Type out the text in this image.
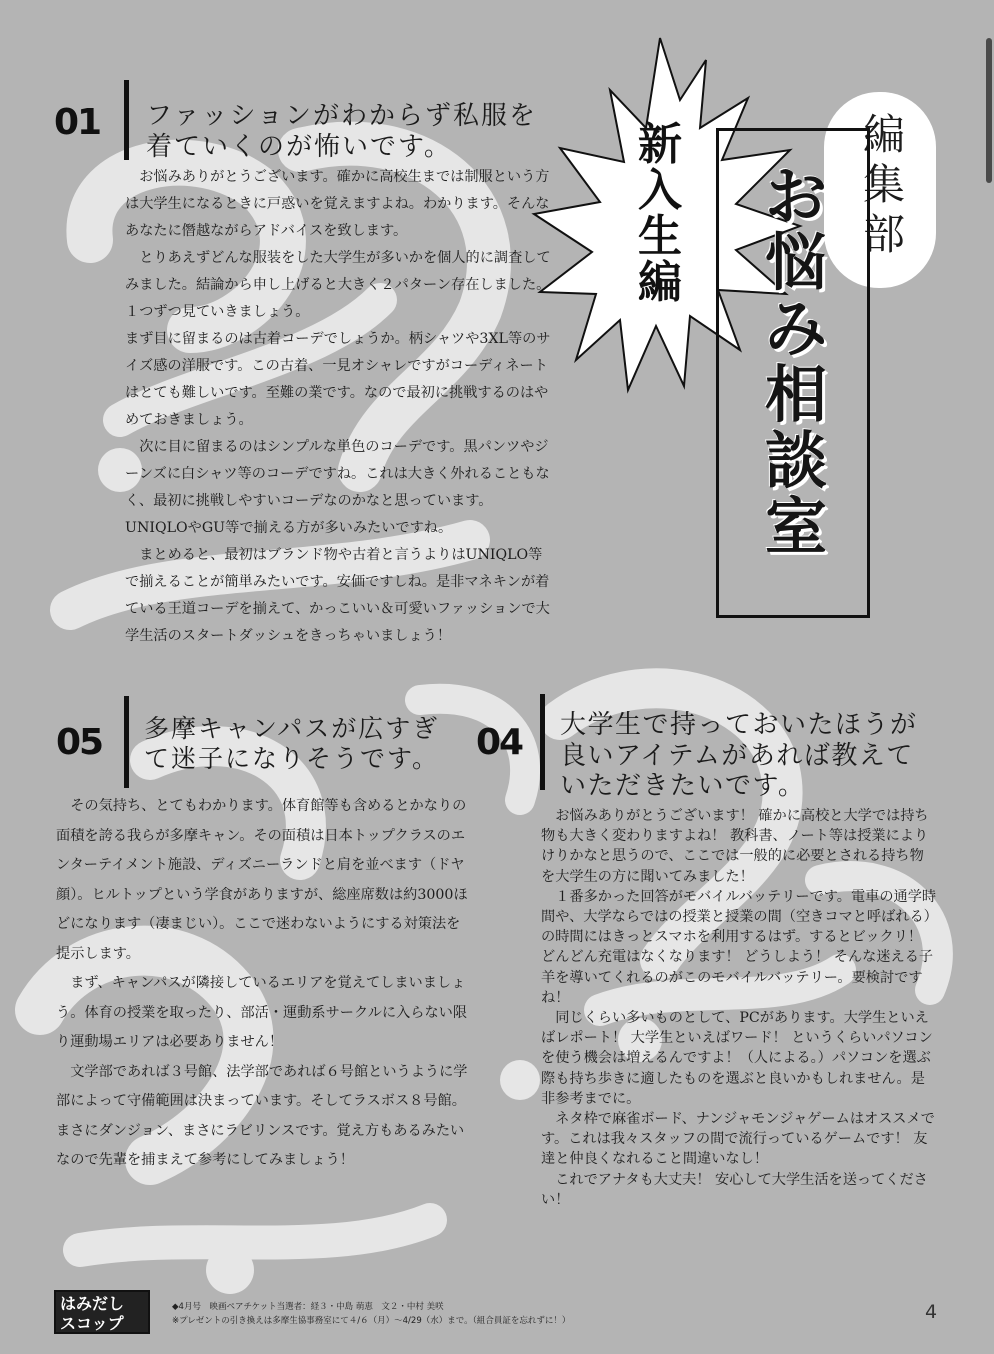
編
集
部
新
入
生
編
お
悩
み
相
談
室
01 ファッションがわからず私服を
着ていくのが怖いです。

お悩みありがとうございます。確かに高校生までは制服という方は大学生になるときに戸惑いを覚えますよね。わかります。そんなあなたに僭越ながらアドバイスを致します。

とりあえずどんな服装をした大学生が多いかを個人的に調査してみました。結論から申し上げると大きく２パターン存在しました。１つずつ見ていきましょう。

まず目に留まるのは古着コーデでしょうか。柄シャツや3XL等のサイズ感の洋服です。この古着、一見オシャレですがコーディネートはとても難しいです。至難の業です。なので最初に挑戦するのはやめておきましょう。

次に目に留まるのはシンプルな単色のコーデです。黒パンツやジーンズに白シャツ等のコーデですね。これは大きく外れることもなく、最初に挑戦しやすいコーデなのかなと思っています。UNIQLOやGU等で揃える方が多いみたいですね。

まとめると、最初はブランド物や古着と言うよりはUNIQLO等で揃えることが簡単みたいです。安価ですしね。是非マネキンが着ている王道コーデを揃えて、かっこいい＆可愛いファッションで大学生活のスタートダッシュをきっちゃいましょう！

05 多摩キャンパスが広すぎ
て迷子になりそうです。

その気持ち、とてもわかります。体育館等も含めるとかなりの面積を誇る我らが多摩キャン。その面積は日本トップクラスのエンターテイメント施設、ディズニーランドと肩を並べます（ドヤ顔）。ヒルトップという学食がありますが、総座席数は約3000ほどになります（凄まじい）。ここで迷わないようにする対策法を提示します。

まず、キャンパスが隣接しているエリアを覚えてしまいましょう。体育の授業を取ったり、部活・運動系サークルに入らない限り運動場エリアは必要ありません！

文学部であれば３号館、法学部であれば６号館というように学部によって守備範囲は決まっています。そしてラスボス８号館。まさにダンジョン、まさにラビリンスです。覚え方もあるみたいなので先輩を捕まえて参考にしてみましょう！

04 大学生で持っておいたほうが
良いアイテムがあれば教えて
いただきたいです。

お悩みありがとうございます！ 確かに高校と大学では持ち物も大きく変わりますよね！ 教科書、ノート等は授業によりけりかなと思うので、ここでは一般的に必要とされる持ち物を大学生の方に聞いてみました！

１番多かった回答がモバイルバッテリーです。電車の通学時間や、大学ならではの授業と授業の間（空きコマと呼ばれる）の時間にはきっとスマホを利用するはず。するとビックリ！ どんどん充電はなくなります！ どうしよう！ そんな迷える子羊を導いてくれるのがこのモバイルバッテリー。要検討ですね！

同じくらい多いものとして、PCがあります。大学生といえばレポート！ 大学生といえばワード！ というくらいパソコンを使う機会は増えるんですよ！（人による。）パソコンを選ぶ際も持ち歩きに適したものを選ぶと良いかもしれません。是非参考までに。

ネタ枠で麻雀ボード、ナンジャモンジャゲームはオススメです。これは我々スタッフの間で流行っているゲームです！ 友達と仲良くなれること間違いなし！

これでアナタも大丈夫！ 安心して大学生活を送ってください！

はみだし
スコップ
◆4月号　映画ペアチケット当選者：経３・中島 萌恵　文２・中村 美咲
※プレゼントの引き換えは多摩生協事務室にて４/６（月）～4/29（水）まで。（組合員証を忘れずに！）	4
